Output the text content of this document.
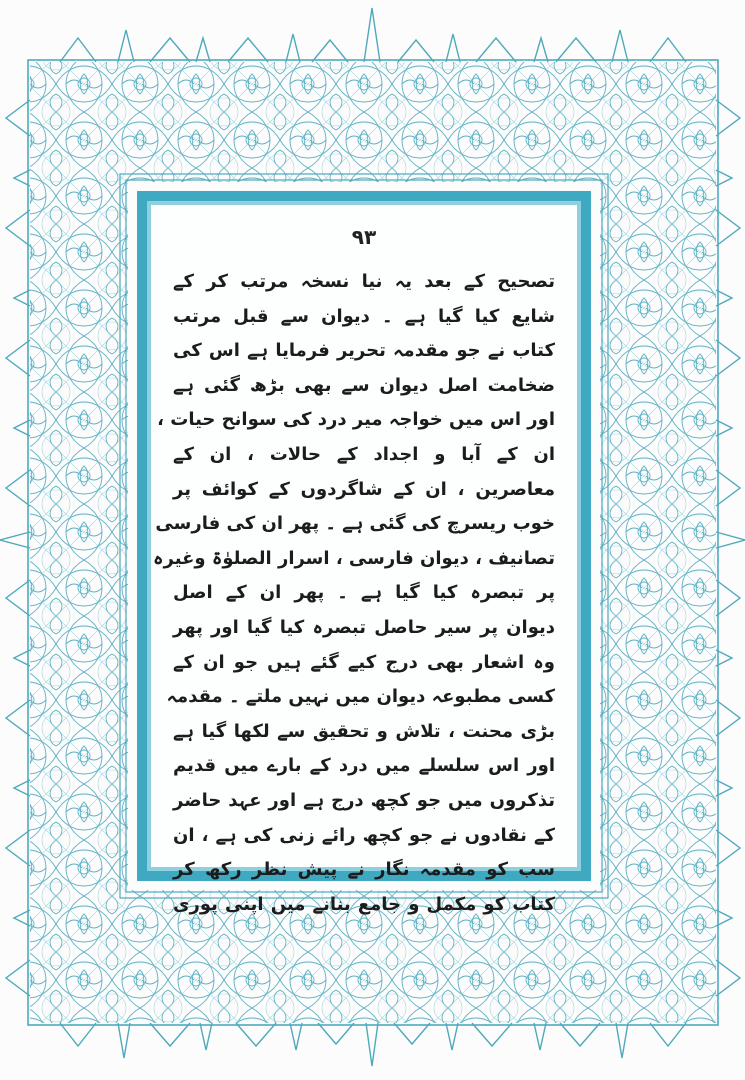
۹۳
تصحیح کے بعد یہ نیا نسخہ مرتب کر کے
شایع کیا گیا ہے ۔ دیوان سے قبل مرتب
کتاب نے جو مقدمہ تحریر فرمایا ہے اس کی
ضخامت اصل دیوان سے بھی بڑھ گئی ہے
اور اس میں خواجہ میر درد کی سوانح حیات ،
ان کے آبا و اجداد کے حالات ، ان کے
معاصرین ، ان کے شاگردوں کے کوائف پر
خوب ریسرچ کی گئی ہے ۔ پھر ان کی فارسی
تصانیف ، دیوان فارسی ، اسرار الصلوٰۃ وغیرہ
پر تبصرہ کیا گیا ہے ۔ پھر ان کے اصل
دیوان پر سیر حاصل تبصرہ کیا گیا اور پھر
وہ اشعار بھی درج کیے گئے ہیں جو ان کے
کسی مطبوعہ دیوان میں نہیں ملتے ۔ مقدمہ
بڑی محنت ، تلاش و تحقیق سے لکھا گیا ہے
اور اس سلسلے میں درد کے بارے میں قدیم
تذکروں میں جو کچھ درج ہے اور عہد حاضر
کے نقادوں نے جو کچھ رائے زنی کی ہے ، ان
سب کو مقدمہ نگار نے پیش نظر رکھ کر
کتاب کو مکمل و جامع بنانے میں اپنی پوری
